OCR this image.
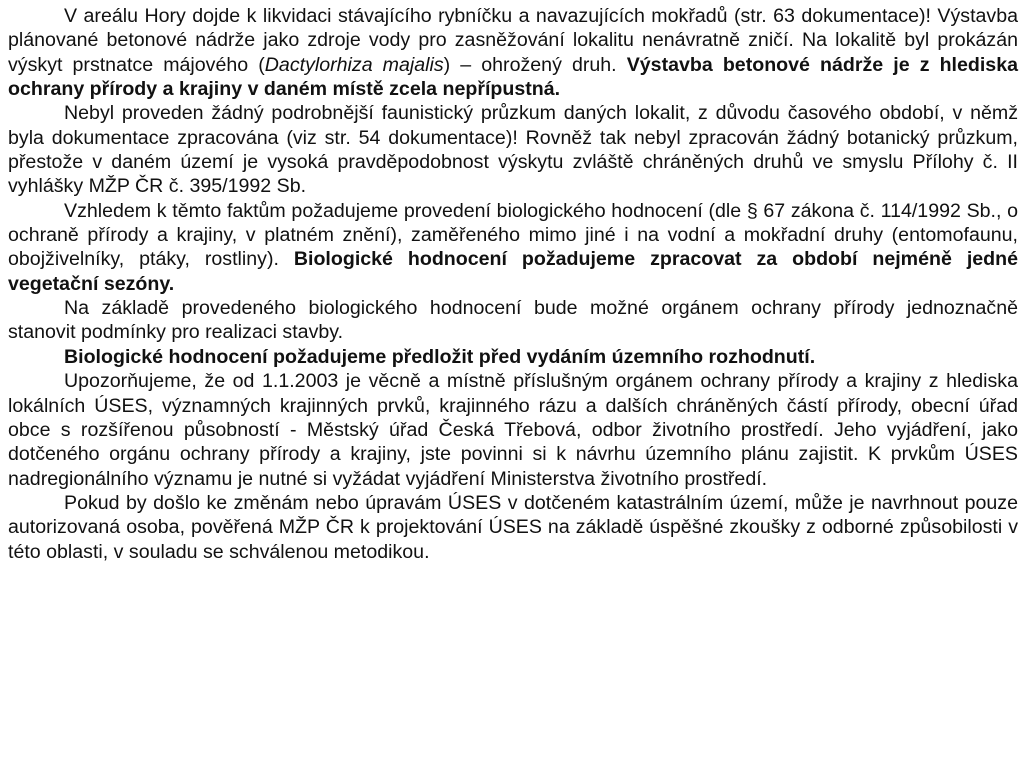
V areálu Hory dojde k likvidaci stávajícího rybníčku a navazujících mokřadů (str. 63 dokumentace)! Výstavba plánované betonové nádrže jako zdroje vody pro zasněžování lokalitu nenávratně zničí. Na lokalitě byl prokázán výskyt prstnatce májového (Dactylorhiza majalis) – ohrožený druh. Výstavba betonové nádrže je z hlediska ochrany přírody a krajiny v daném místě zcela nepřípustná.

Nebyl proveden žádný podrobnější faunistický průzkum daných lokalit, z důvodu časového období, v němž byla dokumentace zpracována (viz str. 54 dokumentace)! Rovněž tak nebyl zpracován žádný botanický průzkum, přestože v daném území je vysoká pravděpodobnost výskytu zvláště chráněných druhů ve smyslu Přílohy č. II vyhlášky MŽP ČR č. 395/1992 Sb.

Vzhledem k těmto faktům požadujeme provedení biologického hodnocení (dle § 67 zákona č. 114/1992 Sb., o ochraně přírody a krajiny, v platném znění), zaměřeného mimo jiné i na vodní a mokřadní druhy (entomofaunu, obojživelníky, ptáky, rostliny). Biologické hodnocení požadujeme zpracovat za období nejméně jedné vegetační sezóny.

Na základě provedeného biologického hodnocení bude možné orgánem ochrany přírody jednoznačně stanovit podmínky pro realizaci stavby.

Biologické hodnocení požadujeme předložit před vydáním územního rozhodnutí.

Upozorňujeme, že od 1.1.2003 je věcně a místně příslušným orgánem ochrany přírody a krajiny z hlediska lokálních ÚSES, významných krajinných prvků, krajinného rázu a dalších chráněných částí přírody, obecní úřad obce s rozšířenou působností - Městský úřad Česká Třebová, odbor životního prostředí. Jeho vyjádření, jako dotčeného orgánu ochrany přírody a krajiny, jste povinni si k návrhu územního plánu zajistit. K prvkům ÚSES nadregionálního významu je nutné si vyžádat vyjádření Ministerstva životního prostředí.

Pokud by došlo ke změnám nebo úpravám ÚSES v dotčeném katastrálním území, může je navrhnout pouze autorizovaná osoba, pověřená MŽP ČR k projektování ÚSES na základě úspěšné zkoušky z odborné způsobilosti v této oblasti, v souladu se schválenou metodikou.
